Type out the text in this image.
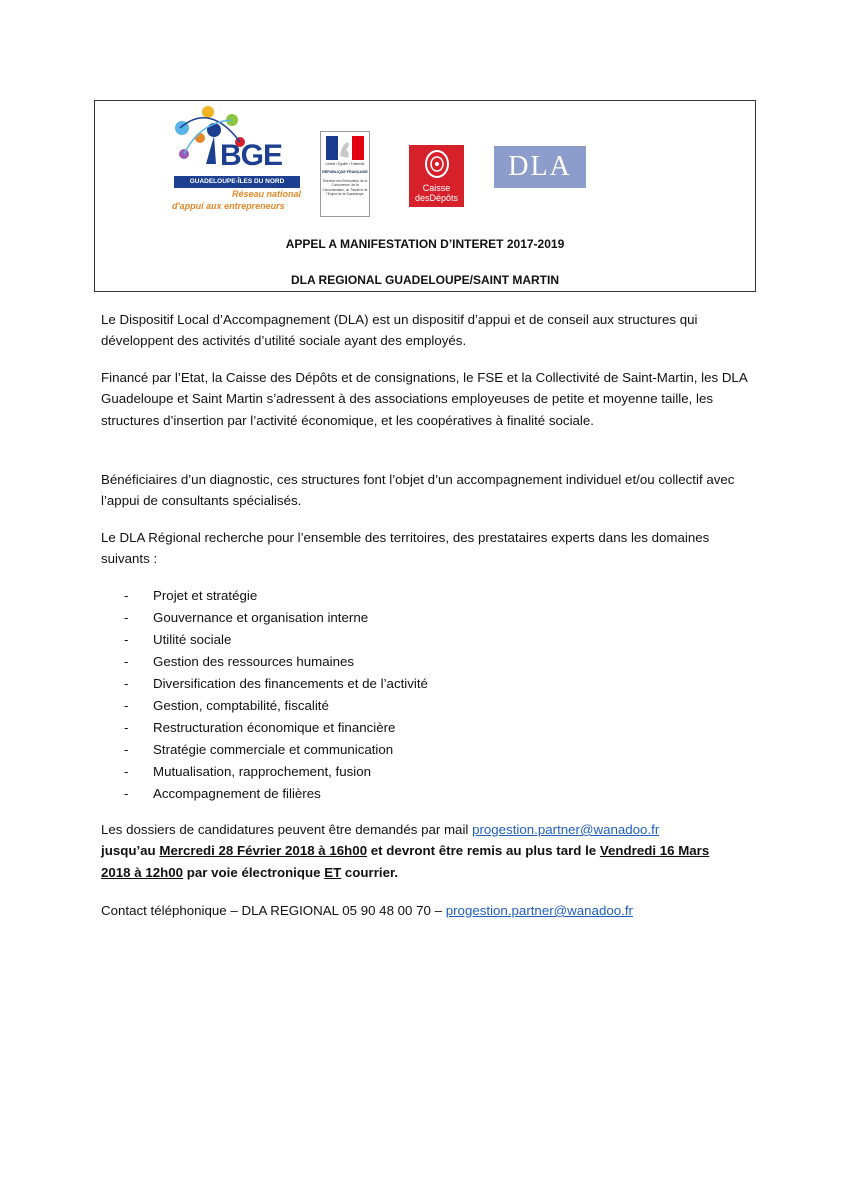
BGE
GUADELOUPE-ÎLES DU NORD
Réseau national
d'appui aux entrepreneurs
Liberté • Égalité • Fraternité
RÉPUBLIQUE FRANÇAISE
Direction des Entreprises, de la Concurrence, de la Consommation, du Travail et de l'Emploi de la Guadeloupe
Caisse
desDépôts
DLA
APPEL A MANIFESTATION D’INTERET 2017-2019
DLA REGIONAL GUADELOUPE/SAINT MARTIN

Le Dispositif Local d’Accompagnement (DLA) est un dispositif d’appui et de conseil aux structures qui développent des activités d’utilité sociale ayant des employés.

Financé par l’Etat, la Caisse des Dépôts et de consignations, le FSE et la Collectivité de Saint-Martin, les DLA Guadeloupe et Saint Martin s’adressent à des associations employeuses de petite et moyenne taille, les structures d’insertion par l’activité économique, et les coopératives à finalité sociale.

Bénéficiaires d’un diagnostic, ces structures font l’objet d’un accompagnement individuel et/ou collectif avec l’appui de consultants spécialisés.

Le DLA Régional recherche pour l’ensemble des territoires, des prestataires experts dans les domaines suivants :

- Projet et stratégie
- Gouvernance et organisation interne
- Utilité sociale
- Gestion des ressources humaines
- Diversification des financements et de l’activité
- Gestion, comptabilité, fiscalité
- Restructuration économique et financière
- Stratégie commerciale et communication
- Mutualisation, rapprochement, fusion
- Accompagnement de filières

Les dossiers de candidatures peuvent être demandés par mail progestion.partner@wanadoo.fr
jusqu’au Mercredi 28 Février 2018 à 16h00 et devront être remis au plus tard le Vendredi 16 Mars 2018 à 12h00 par voie électronique ET courrier.

Contact téléphonique – DLA REGIONAL 05 90 48 00 70 – progestion.partner@wanadoo.fr
